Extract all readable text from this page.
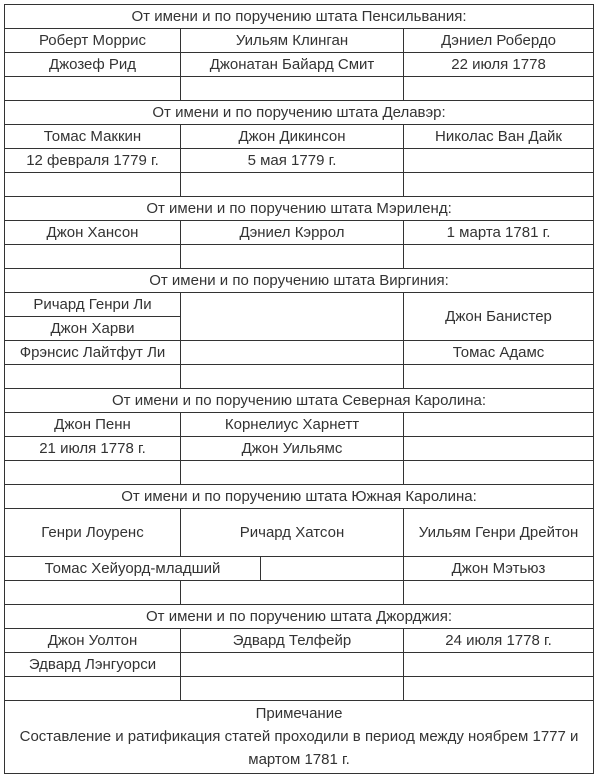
От имени и по поручению штата Пенсильвания:			
Роберт Моррис	Уильям Клинган		Дэниел Робердо
Джозеф Рид	Джонатан Байард Смит		22 июля 1778

От имени и по поручению штата Делавэр:			
Томас Маккин	Джон Дикинсон		Николас Ван Дайк
12 февраля 1779 г.	5 мая 1779 г.		

От имени и по поручению штата Мэриленд:			
Джон Хансон	Дэниел Кэррол		1 марта 1781 г.

От имени и по поручению штата Виргиния:			
Ричард Генри Ли			Джон Банистер
Джон Харви			
Фрэнсис Лайтфут Ли			Томас Адамс

От имени и по поручению штата Северная Каролина:			
Джон Пенн	Корнелиус Харнетт		
21 июля 1778 г.	Джон Уильямс		

От имени и по поручению штата Южная Каролина:			
Генри Лоуренс	Ричард Хатсон		Уильям Генри Дрейтон
Томас Хейуорд-младший			Джон Мэтьюз

От имени и по поручению штата Джорджия:			
Джон Уолтон	Эдвард Телфейр		24 июля 1778 г.
Эдвард Лэнгуорси			

Примечание
Составление и ратификация статей проходили в период между ноябрем 1777 и мартом 1781 г.			
